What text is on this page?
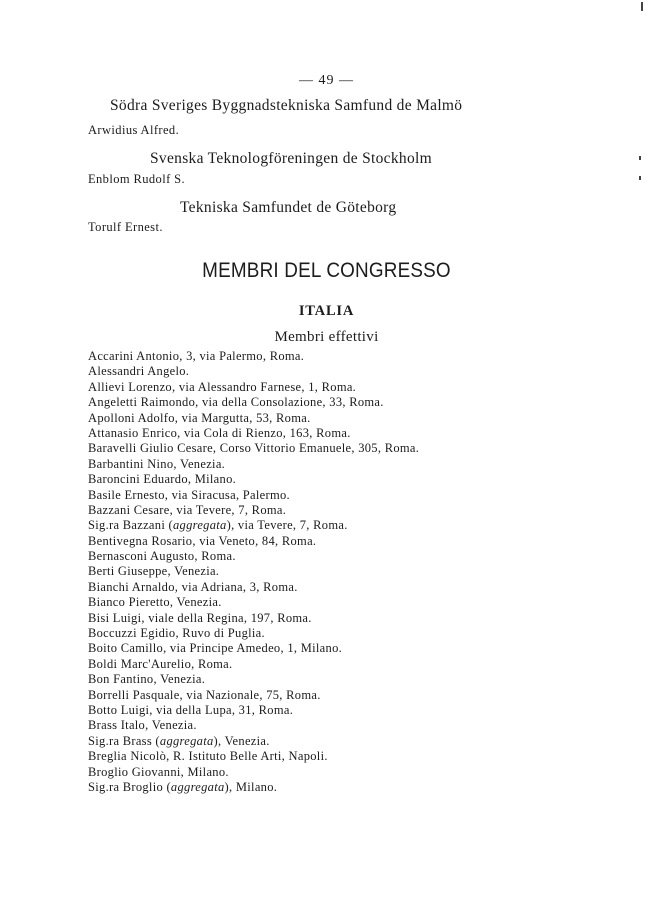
— 49 —
Södra Sveriges Byggnadstekniska Samfund de Malmö
Arwidius Alfred.
Svenska Teknologföreningen de Stockholm
Enblom Rudolf S.
Tekniska Samfundet de Göteborg
Torulf Ernest.
MEMBRI DEL CONGRESSO
ITALIA
Membri effettivi
Accarini Antonio, 3, via Palermo, Roma.
Alessandri Angelo.
Allievi Lorenzo, via Alessandro Farnese, 1, Roma.
Angeletti Raimondo, via della Consolazione, 33, Roma.
Apolloni Adolfo, via Margutta, 53, Roma.
Attanasio Enrico, via Cola di Rienzo, 163, Roma.
Baravelli Giulio Cesare, Corso Vittorio Emanuele, 305, Roma.
Barbantini Nino, Venezia.
Baroncini Eduardo, Milano.
Basile Ernesto, via Siracusa, Palermo.
Bazzani Cesare, via Tevere, 7, Roma.
Sig.ra Bazzani (aggregata), via Tevere, 7, Roma.
Bentivegna Rosario, via Veneto, 84, Roma.
Bernasconi Augusto, Roma.
Berti Giuseppe, Venezia.
Bianchi Arnaldo, via Adriana, 3, Roma.
Bianco Pieretto, Venezia.
Bisi Luigi, viale della Regina, 197, Roma.
Boccuzzi Egidio, Ruvo di Puglia.
Boito Camillo, via Principe Amedeo, 1, Milano.
Boldi Marc'Aurelio, Roma.
Bon Fantino, Venezia.
Borrelli Pasquale, via Nazionale, 75, Roma.
Botto Luigi, via della Lupa, 31, Roma.
Brass Italo, Venezia.
Sig.ra Brass (aggregata), Venezia.
Breglia Nicolò, R. Istituto Belle Arti, Napoli.
Broglio Giovanni, Milano.
Sig.ra Broglio (aggregata), Milano.
